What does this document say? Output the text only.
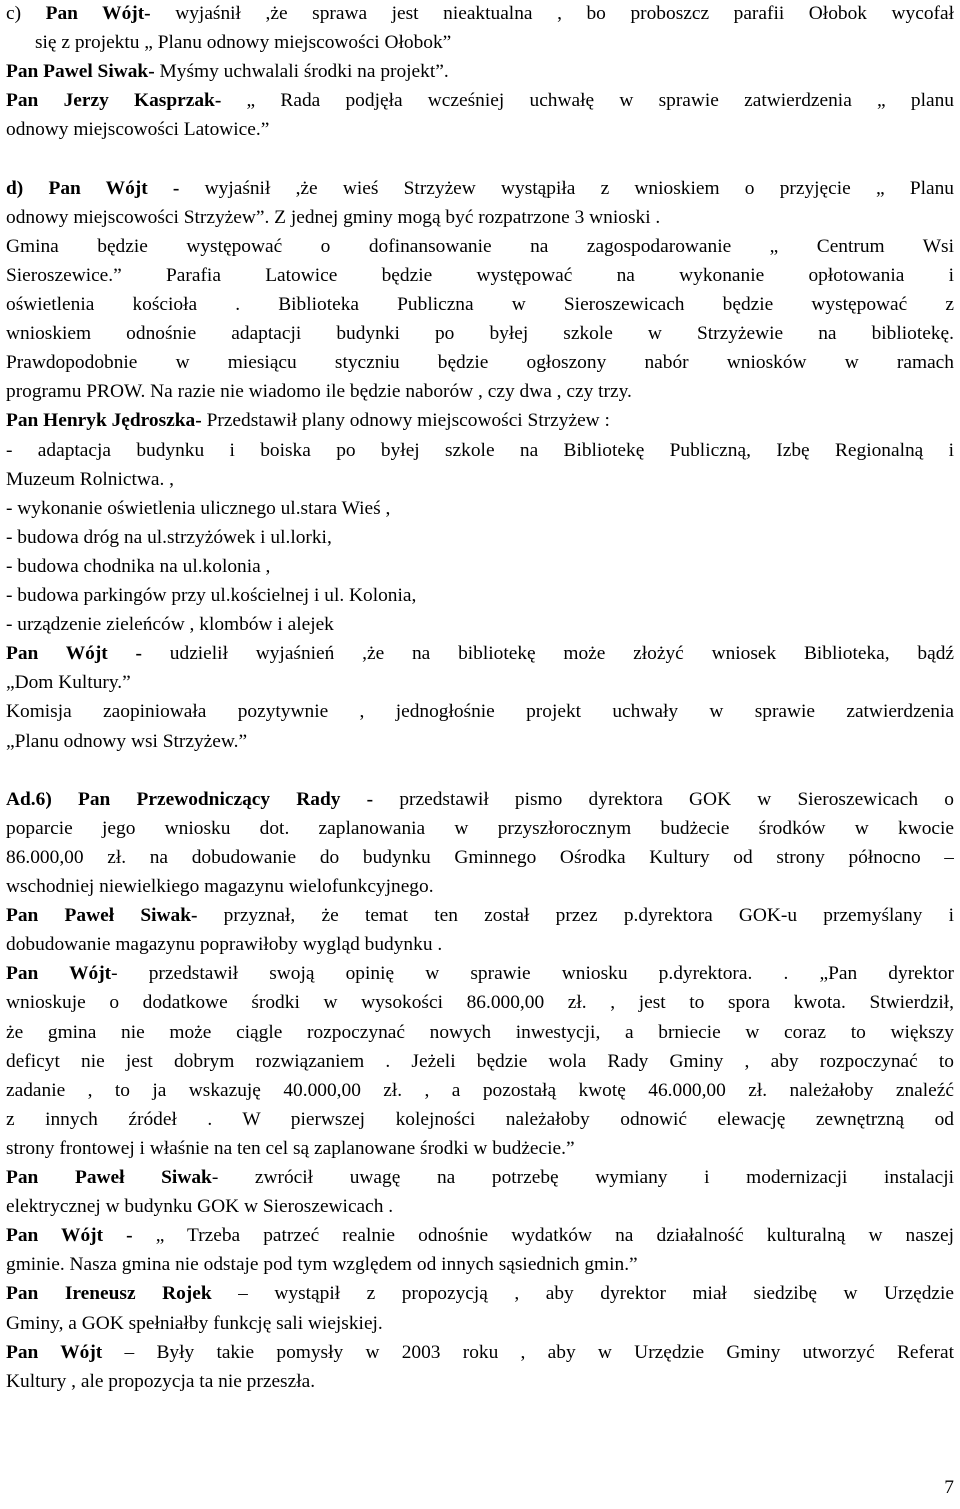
c) Pan Wójt- wyjaśnił ,że sprawa jest nieaktualna , bo proboszcz parafii Ołobok wycofał
się z projektu „ Planu odnowy miejscowości Ołobok”
Pan Pawel Siwak- Myśmy uchwalali środki na projekt”.
Pan Jerzy Kasprzak- „ Rada podjęła wcześniej uchwałę w sprawie zatwierdzenia „ planu
odnowy miejscowości Latowice.”
d) Pan Wójt - wyjaśnił ,że wieś Strzyżew wystąpiła z wnioskiem o przyjęcie „ Planu
odnowy miejscowości Strzyżew”. Z jednej gminy mogą być rozpatrzone 3 wnioski .
Gmina będzie występować o dofinansowanie na zagospodarowanie „ Centrum Wsi
Sieroszewice.” Parafia Latowice będzie występować na wykonanie opłotowania i
oświetlenia kościoła . Biblioteka Publiczna w Sieroszewicach będzie występować z
wnioskiem odnośnie adaptacji budynki po byłej szkole w Strzyżewie na bibliotekę.
Prawdopodobnie w miesiącu styczniu będzie ogłoszony nabór wniosków w ramach
programu PROW. Na razie nie wiadomo ile będzie naborów , czy dwa , czy trzy.
Pan Henryk Jędroszka- Przedstawił plany odnowy miejscowości Strzyżew :
- adaptacja budynku i boiska po byłej szkole na Bibliotekę Publiczną, Izbę Regionalną i
Muzeum Rolnictwa. ,
- wykonanie oświetlenia ulicznego ul.stara Wieś ,
- budowa dróg na ul.strzyżówek i ul.lorki,
- budowa chodnika na ul.kolonia ,
- budowa parkingów przy ul.kościelnej i ul. Kolonia,
- urządzenie zieleńców , klombów i alejek
Pan Wójt - udzielił wyjaśnień ,że na bibliotekę może złożyć wniosek Biblioteka, bądź
„Dom Kultury.”
Komisja zaopiniowała pozytywnie , jednogłośnie projekt uchwały w sprawie zatwierdzenia
„Planu odnowy wsi Strzyżew.”
Ad.6) Pan Przewodniczący Rady - przedstawił pismo dyrektora GOK w Sieroszewicach o
poparcie jego wniosku dot. zaplanowania w przyszłorocznym budżecie środków w kwocie
86.000,00 zł. na dobudowanie do budynku Gminnego Ośrodka Kultury od strony północno –
wschodniej niewielkiego magazynu wielofunkcyjnego.
Pan Paweł Siwak- przyznał, że temat ten został przez p.dyrektora GOK-u przemyślany i
dobudowanie magazynu poprawiłoby wygląd budynku .
Pan Wójt- przedstawił swoją opinię w sprawie wniosku p.dyrektora. . „Pan dyrektor
wnioskuje o dodatkowe środki w wysokości 86.000,00 zł. , jest to spora kwota. Stwierdził,
że gmina nie może ciągle rozpoczynać nowych inwestycji, a brniecie w coraz to większy
deficyt nie jest dobrym rozwiązaniem . Jeżeli będzie wola Rady Gminy , aby rozpoczynać to
zadanie , to ja wskazuję 40.000,00 zł. , a pozostałą kwotę 46.000,00 zł. należałoby znaleźć
z innych źródeł . W pierwszej kolejności należałoby odnowić elewację zewnętrzną od
strony frontowej i właśnie na ten cel są zaplanowane środki w budżecie.”
Pan Paweł Siwak- zwrócił uwagę na potrzebę wymiany i modernizacji instalacji
elektrycznej w budynku GOK w Sieroszewicach .
Pan Wójt - „ Trzeba patrzeć realnie odnośnie wydatków na działalność kulturalną w naszej
gminie. Nasza gmina nie odstaje pod tym względem od innych sąsiednich gmin.”
Pan Ireneusz Rojek – wystąpił z propozycją , aby dyrektor miał siedzibę w Urzędzie
Gminy, a GOK spełniałby funkcję sali wiejskiej.
Pan Wójt – Były takie pomysły w 2003 roku , aby w Urzędzie Gminy utworzyć Referat
Kultury , ale propozycja ta nie przeszła.
7
